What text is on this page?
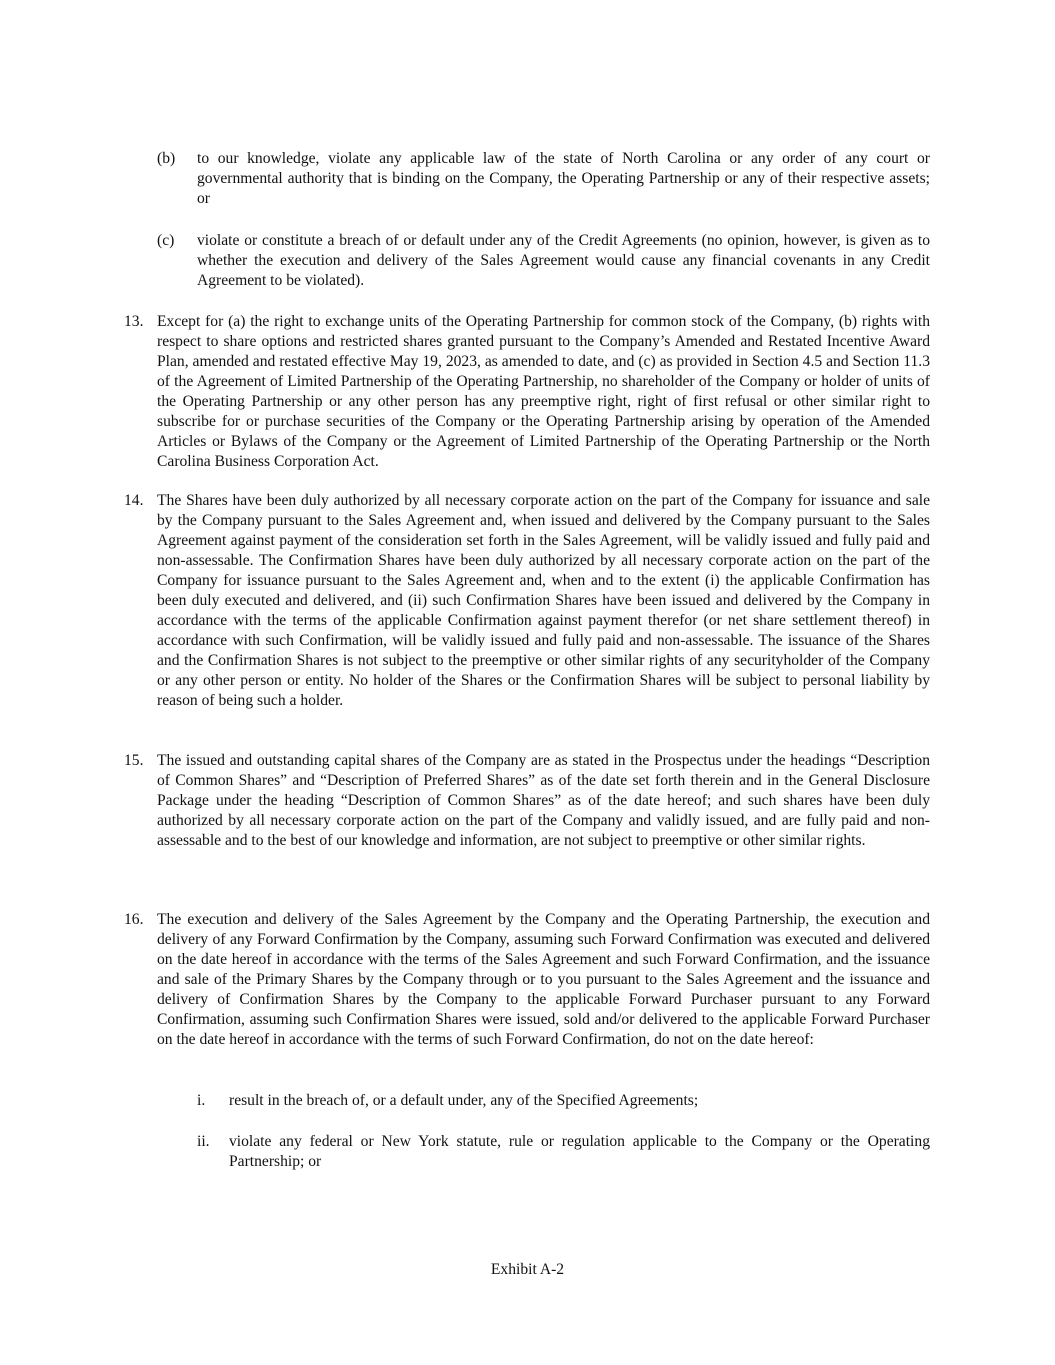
(b) to our knowledge, violate any applicable law of the state of North Carolina or any order of any court or governmental authority that is binding on the Company, the Operating Partnership or any of their respective assets; or

(c) violate or constitute a breach of or default under any of the Credit Agreements (no opinion, however, is given as to whether the execution and delivery of the Sales Agreement would cause any financial covenants in any Credit Agreement to be violated).

13. Except for (a) the right to exchange units of the Operating Partnership for common stock of the Company, (b) rights with respect to share options and restricted shares granted pursuant to the Company’s Amended and Restated Incentive Award Plan, amended and restated effective May 19, 2023, as amended to date, and (c) as provided in Section 4.5 and Section 11.3 of the Agreement of Limited Partnership of the Operating Partnership, no shareholder of the Company or holder of units of the Operating Partnership or any other person has any preemptive right, right of first refusal or other similar right to subscribe for or purchase securities of the Company or the Operating Partnership arising by operation of the Amended Articles or Bylaws of the Company or the Agreement of Limited Partnership of the Operating Partnership or the North Carolina Business Corporation Act.

14. The Shares have been duly authorized by all necessary corporate action on the part of the Company for issuance and sale by the Company pursuant to the Sales Agreement and, when issued and delivered by the Company pursuant to the Sales Agreement against payment of the consideration set forth in the Sales Agreement, will be validly issued and fully paid and non-assessable. The Confirmation Shares have been duly authorized by all necessary corporate action on the part of the Company for issuance pursuant to the Sales Agreement and, when and to the extent (i) the applicable Confirmation has been duly executed and delivered, and (ii) such Confirmation Shares have been issued and delivered by the Company in accordance with the terms of the applicable Confirmation against payment therefor (or net share settlement thereof) in accordance with such Confirmation, will be validly issued and fully paid and non-assessable. The issuance of the Shares and the Confirmation Shares is not subject to the preemptive or other similar rights of any securityholder of the Company or any other person or entity. No holder of the Shares or the Confirmation Shares will be subject to personal liability by reason of being such a holder.

15. The issued and outstanding capital shares of the Company are as stated in the Prospectus under the headings “Description of Common Shares” and “Description of Preferred Shares” as of the date set forth therein and in the General Disclosure Package under the heading “Description of Common Shares” as of the date hereof; and such shares have been duly authorized by all necessary corporate action on the part of the Company and validly issued, and are fully paid and non-assessable and to the best of our knowledge and information, are not subject to preemptive or other similar rights.

16. The execution and delivery of the Sales Agreement by the Company and the Operating Partnership, the execution and delivery of any Forward Confirmation by the Company, assuming such Forward Confirmation was executed and delivered on the date hereof in accordance with the terms of the Sales Agreement and such Forward Confirmation, and the issuance and sale of the Primary Shares by the Company through or to you pursuant to the Sales Agreement and the issuance and delivery of Confirmation Shares by the Company to the applicable Forward Purchaser pursuant to any Forward Confirmation, assuming such Confirmation Shares were issued, sold and/or delivered to the applicable Forward Purchaser on the date hereof in accordance with the terms of such Forward Confirmation, do not on the date hereof:

i. result in the breach of, or a default under, any of the Specified Agreements;

ii. violate any federal or New York statute, rule or regulation applicable to the Company or the Operating Partnership; or

Exhibit A-2
